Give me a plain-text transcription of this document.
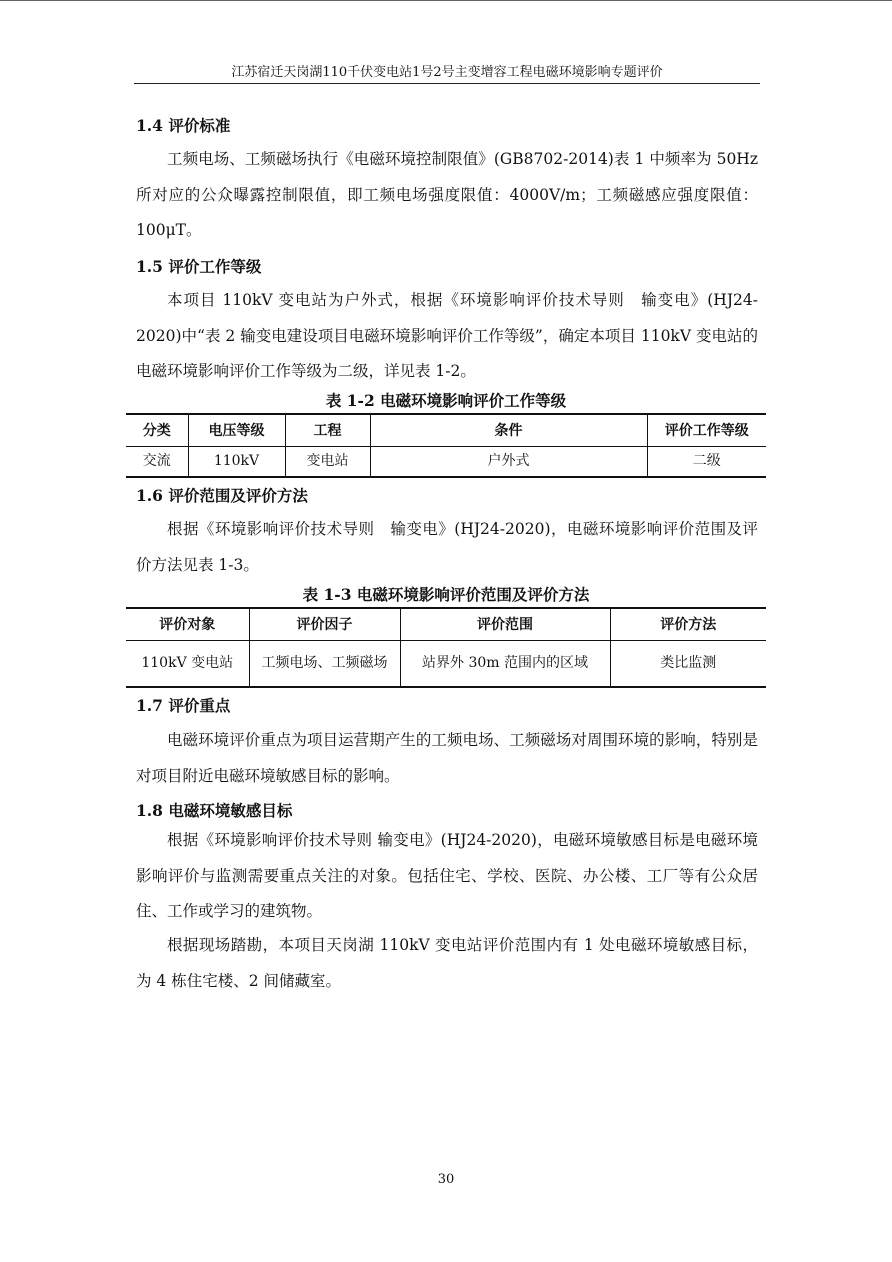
江苏宿迁天岗湖110千伏变电站1号2号主变增容工程电磁环境影响专题评价
1.4 评价标准

工频电场、工频磁场执行《电磁环境控制限值》(GB8702-2014)表 1 中频率为 50Hz 所对应的公众曝露控制限值，即工频电场强度限值：4000V/m；工频磁感应强度限值：100μT。

1.5 评价工作等级

本项目 110kV 变电站为户外式，根据《环境影响评价技术导则　输变电》(HJ24-2020)中“表 2 输变电建设项目电磁环境影响评价工作等级”，确定本项目 110kV 变电站的电磁环境影响评价工作等级为二级，详见表 1-2。

表 1-2 电磁环境影响评价工作等级
分类	电压等级	工程	条件	评价工作等级
交流	110kV	变电站	户外式	二级
1.6 评价范围及评价方法

根据《环境影响评价技术导则　输变电》(HJ24-2020)，电磁环境影响评价范围及评价方法见表 1-3。

表 1-3 电磁环境影响评价范围及评价方法
评价对象	评价因子	评价范围	评价方法
110kV 变电站	工频电场、工频磁场	站界外 30m 范围内的区域	类比监测
1.7 评价重点

电磁环境评价重点为项目运营期产生的工频电场、工频磁场对周围环境的影响，特别是对项目附近电磁环境敏感目标的影响。

1.8 电磁环境敏感目标

根据《环境影响评价技术导则 输变电》(HJ24-2020)，电磁环境敏感目标是电磁环境影响评价与监测需要重点关注的对象。包括住宅、学校、医院、办公楼、工厂等有公众居住、工作或学习的建筑物。

根据现场踏勘，本项目天岗湖 110kV 变电站评价范围内有 1 处电磁环境敏感目标，为 4 栋住宅楼、2 间储藏室。

30
